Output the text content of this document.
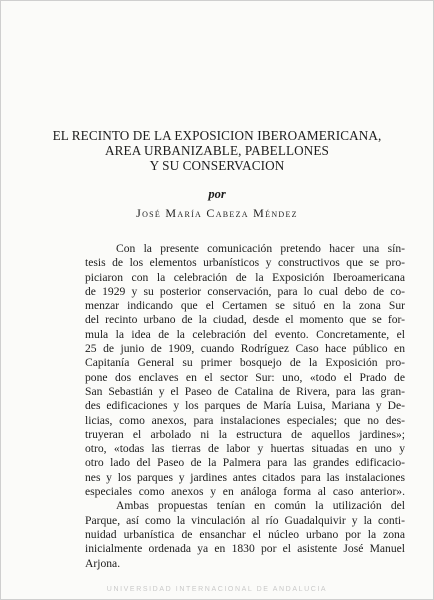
EL RECINTO DE LA EXPOSICION IBEROAMERICANA,
AREA URBANIZABLE, PABELLONES
Y SU CONSERVACION
por
José María Cabeza Méndez
Con la presente comunicación pretendo hacer una sín-
tesis de los elementos urbanísticos y constructivos que se pro-
piciaron con la celebración de la Exposición Iberoamericana
de 1929 y su posterior conservación, para lo cual debo de co-
menzar indicando que el Certamen se situó en la zona Sur
del recinto urbano de la ciudad, desde el momento que se for-
mula la idea de la celebración del evento. Concretamente, el
25 de junio de 1909, cuando Rodríguez Caso hace público en
Capitanía General su primer bosquejo de la Exposición pro-
pone dos enclaves en el sector Sur: uno, «todo el Prado de
San Sebastián y el Paseo de Catalina de Rivera, para las gran-
des edificaciones y los parques de María Luisa, Mariana y De-
licias, como anexos, para instalaciones especiales; que no des-
truyeran el arbolado ni la estructura de aquellos jardines»;
otro, «todas las tierras de labor y huertas situadas en uno y
otro lado del Paseo de la Palmera para las grandes edificacio-
nes y los parques y jardines antes citados para las instalaciones
especiales como anexos y en análoga forma al caso anterior».
Ambas propuestas tenían en común la utilización del
Parque, así como la vinculación al río Guadalquivir y la conti-
nuidad urbanística de ensanchar el núcleo urbano por la zona
inicialmente ordenada ya en 1830 por el asistente José Manuel
Arjona.
UNIVERSIDAD INTERNACIONAL DE ANDALUCIA
